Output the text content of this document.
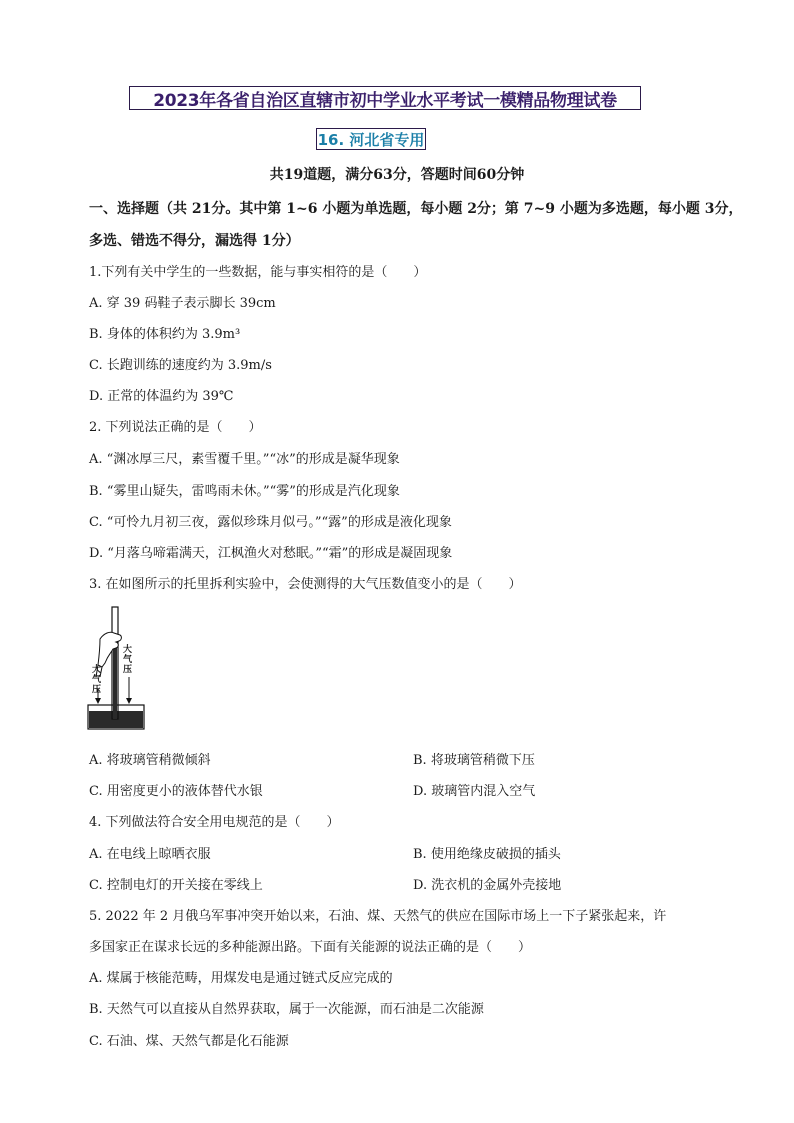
2023年各省自治区直辖市初中学业水平考试一模精品物理试卷
16. 河北省专用
共19道题，满分63分，答题时间60分钟
一、选择题（共 21分。其中第 1~6 小题为单选题，每小题 2分；第 7~9 小题为多选题，每小题 3分，
多选、错选不得分，漏选得 1分）
1.下列有关中学生的一些数据，能与事实相符的是（　　）
A. 穿 39 码鞋子表示脚长 39cm
B. 身体的体积约为 3.9m³
C. 长跑训练的速度约为 3.9m/s
D. 正常的体温约为 39℃
2. 下列说法正确的是（　　）
A. “渊冰厚三尺，素雪覆千里。”“冰”的形成是凝华现象
B. “雾里山疑失，雷鸣雨未休。”“雾”的形成是汽化现象
C. “可怜九月初三夜，露似珍珠月似弓。”“露”的形成是液化现象
D. “月落乌啼霜满天，江枫渔火对愁眠。”“霜”的形成是凝固现象
3. 在如图所示的托里拆利实验中，会使测得的大气压数值变小的是（　　）
大气压
大气压
A. 将玻璃管稍微倾斜	B. 将玻璃管稍微下压
C. 用密度更小的液体替代水银	D. 玻璃管内混入空气
4. 下列做法符合安全用电规范的是（　　）
A. 在电线上晾晒衣服	B. 使用绝缘皮破损的插头
C. 控制电灯的开关接在零线上	D. 洗衣机的金属外壳接地
5. 2022 年 2 月俄乌军事冲突开始以来，石油、煤、天然气的供应在国际市场上一下子紧张起来，许
多国家正在谋求长远的多种能源出路。下面有关能源的说法正确的是（　　）
A. 煤属于核能范畴，用煤发电是通过链式反应完成的
B. 天然气可以直接从自然界获取，属于一次能源，而石油是二次能源
C. 石油、煤、天然气都是化石能源
